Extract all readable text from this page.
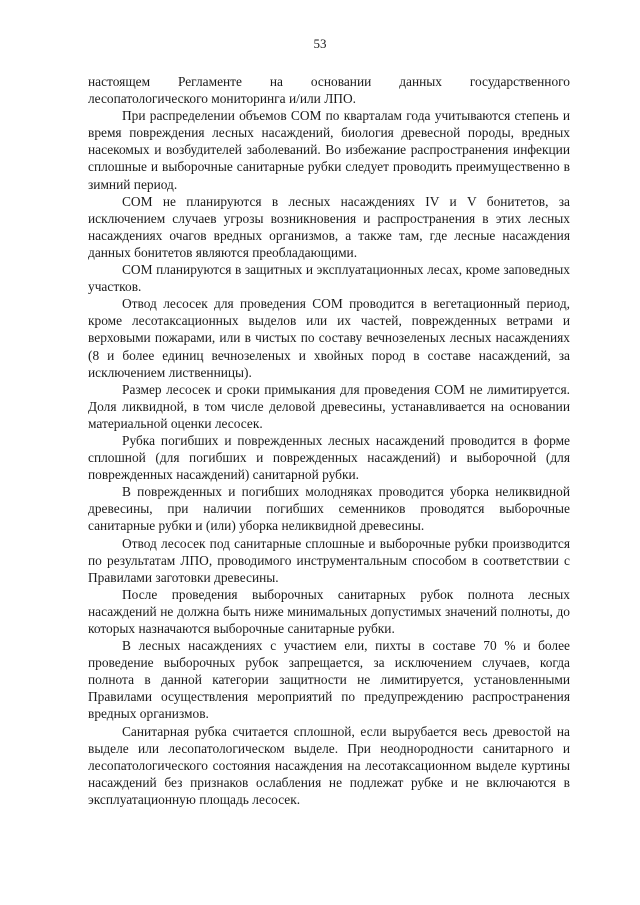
53

настоящем Регламенте на основании данных государственного лесопатологического мониторинга и/или ЛПО.

При распределении объемов СОМ по кварталам года учитываются степень и время повреждения лесных насаждений, биология древесной породы, вредных насекомых и возбудителей заболеваний. Во избежание распространения инфекции сплошные и выборочные санитарные рубки следует проводить преимущественно в зимний период.

СОМ не планируются в лесных насаждениях IV и V бонитетов, за исключением случаев угрозы возникновения и распространения в этих лесных насаждениях очагов вредных организмов, а также там, где лесные насаждения данных бонитетов являются преобладающими.

СОМ планируются в защитных и эксплуатационных лесах, кроме заповедных участков.

Отвод лесосек для проведения СОМ проводится в вегетационный период, кроме лесотаксационных выделов или их частей, поврежденных ветрами и верховыми пожарами, или в чистых по составу вечнозеленых лесных насаждениях (8 и более единиц вечнозеленых и хвойных пород в составе насаждений, за исключением лиственницы).

Размер лесосек и сроки примыкания для проведения СОМ не лимитируется. Доля ликвидной, в том числе деловой древесины, устанавливается на основании материальной оценки лесосек.

Рубка погибших и поврежденных лесных насаждений проводится в форме сплошной (для погибших и поврежденных насаждений) и выборочной (для поврежденных насаждений) санитарной рубки.

В поврежденных и погибших молодняках проводится уборка неликвидной древесины, при наличии погибших семенников проводятся выборочные санитарные рубки и (или) уборка неликвидной древесины.

Отвод лесосек под санитарные сплошные и выборочные рубки производится по результатам ЛПО, проводимого инструментальным способом в соответствии с Правилами заготовки древесины.

После проведения выборочных санитарных рубок полнота лесных насаждений не должна быть ниже минимальных допустимых значений полноты, до которых назначаются выборочные санитарные рубки.

В лесных насаждениях с участием ели, пихты в составе 70 % и более проведение выборочных рубок запрещается, за исключением случаев, когда полнота в данной категории защитности не лимитируется, установленными Правилами осуществления мероприятий по предупреждению распространения вредных организмов.

Санитарная рубка считается сплошной, если вырубается весь древостой на выделе или лесопатологическом выделе. При неоднородности санитарного и лесопатологического состояния насаждения на лесотаксационном выделе куртины насаждений без признаков ослабления не подлежат рубке и не включаются в эксплуатационную площадь лесосек.
